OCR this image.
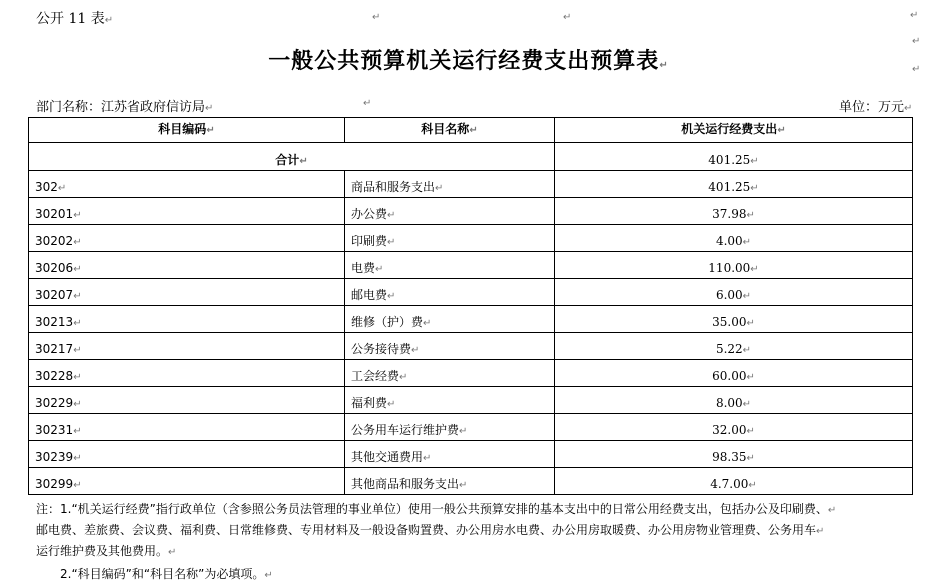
公开 11 表↵	↵	↵	↵
↵
一般公共预算机关运行经费支出预算表↵	↵
部门名称：江苏省政府信访局↵	↵	单位：万元↵
科目编码↵	科目名称↵	机关运行经费支出↵
合计↵		401.25↵
302↵	商品和服务支出↵	401.25↵
30201↵	办公费↵	37.98↵
30202↵	印刷费↵	4.00↵
30206↵	电费↵	110.00↵
30207↵	邮电费↵	6.00↵
30213↵	维修（护）费↵	35.00↵
30217↵	公务接待费↵	5.22↵
30228↵	工会经费↵	60.00↵
30229↵	福利费↵	8.00↵
30231↵	公务用车运行维护费↵	32.00↵
30239↵	其他交通费用↵	98.35↵
30299↵	其他商品和服务支出↵	4.7.00↵
注：1.“机关运行经费”指行政单位（含参照公务员法管理的事业单位）使用一般公共预算安排的基本支出中的日常公用经费支出，包括办公及印刷费、↵
邮电费、差旅费、会议费、福利费、日常维修费、专用材料及一般设备购置费、办公用房水电费、办公用房取暖费、办公用房物业管理费、公务用车↵
运行维护费及其他费用。↵
2.“科目编码”和“科目名称”为必填项。↵
